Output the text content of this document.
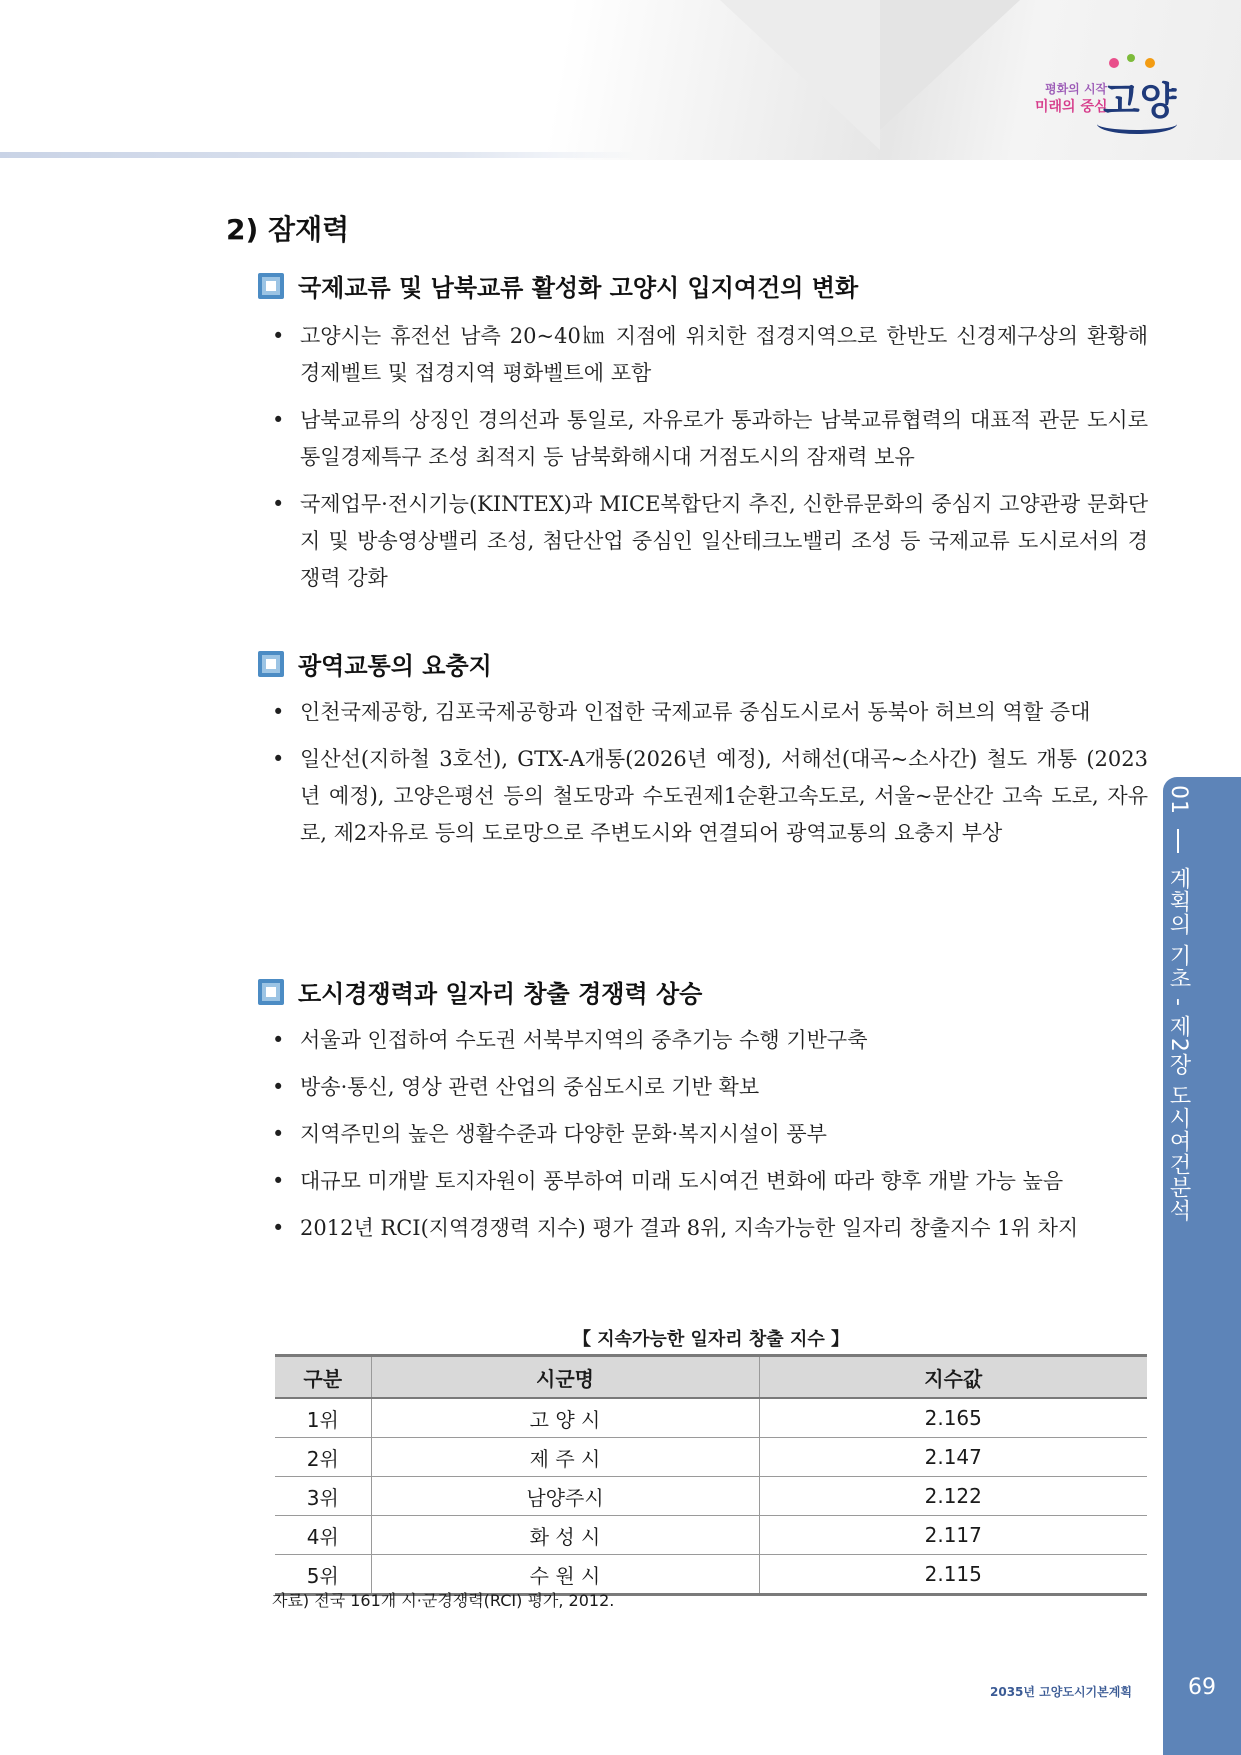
평화의 시작
미래의 중심
고양
01  계획의 기초 - 제2장 도시여건분석
2) 잠재력
국제교류 및 남북교류 활성화 고양시 입지여건의 변화
• 고양시는 휴전선 남측 20~40㎞ 지점에 위치한 접경지역으로 한반도 신경제구상의 환황해 경제벨트 및 접경지역 평화벨트에 포함
• 남북교류의 상징인 경의선과 통일로, 자유로가 통과하는 남북교류협력의 대표적 관문 도시로 통일경제특구 조성 최적지 등 남북화해시대 거점도시의 잠재력 보유
• 국제업무·전시기능(KINTEX)과 MICE복합단지 추진, 신한류문화의 중심지 고양관광 문화단지 및 방송영상밸리 조성, 첨단산업 중심인 일산테크노밸리 조성 등 국제교류 도시로서의 경쟁력 강화
광역교통의 요충지
• 인천국제공항, 김포국제공항과 인접한 국제교류 중심도시로서 동북아 허브의 역할 증대
• 일산선(지하철 3호선), GTX-A개통(2026년 예정), 서해선(대곡~소사간) 철도 개통 (2023년 예정), 고양은평선 등의 철도망과 수도권제1순환고속도로, 서울~문산간 고속 도로, 자유로, 제2자유로 등의 도로망으로 주변도시와 연결되어 광역교통의 요충지 부상
도시경쟁력과 일자리 창출 경쟁력 상승
• 서울과 인접하여 수도권 서북부지역의 중추기능 수행 기반구축
• 방송·통신, 영상 관련 산업의 중심도시로 기반 확보
• 지역주민의 높은 생활수준과 다양한 문화·복지시설이 풍부
• 대규모 미개발 토지자원이 풍부하여 미래 도시여건 변화에 따라 향후 개발 가능 높음
• 2012년 RCI(지역경쟁력 지수) 평가 결과 8위, 지속가능한 일자리 창출지수 1위 차지
【 지속가능한 일자리 창출 지수 】
구분	시군명	지수값
1위	고 양 시	2.165
2위	제 주 시	2.147
3위	남양주시	2.122
4위	화 성 시	2.117
5위	수 원 시	2.115
자료) 전국 161개 시·군경쟁력(RCI) 평가, 2012.
2035년 고양도시기본계획	69
